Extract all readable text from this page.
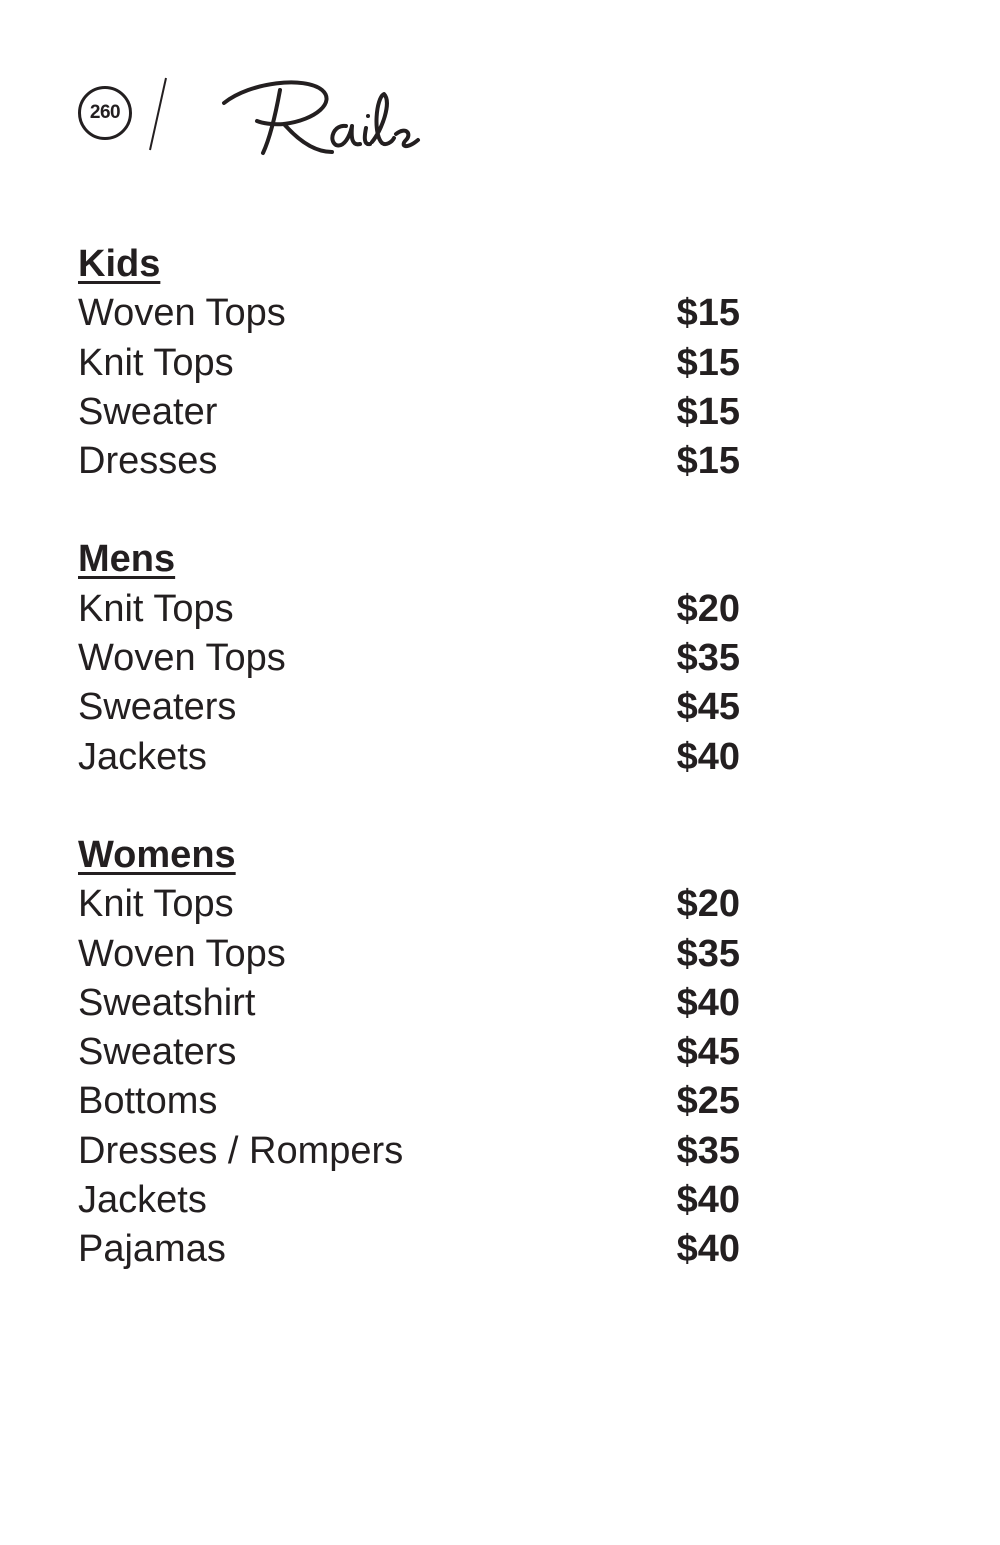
260
Kids
Woven Tops	$15
Knit Tops	$15
Sweater	$15
Dresses	$15
Mens
Knit Tops	$20
Woven Tops	$35
Sweaters	$45
Jackets	$40
Womens
Knit Tops	$20
Woven Tops	$35
Sweatshirt	$40
Sweaters	$45
Bottoms	$25
Dresses / Rompers	$35
Jackets	$40
Pajamas	$40
